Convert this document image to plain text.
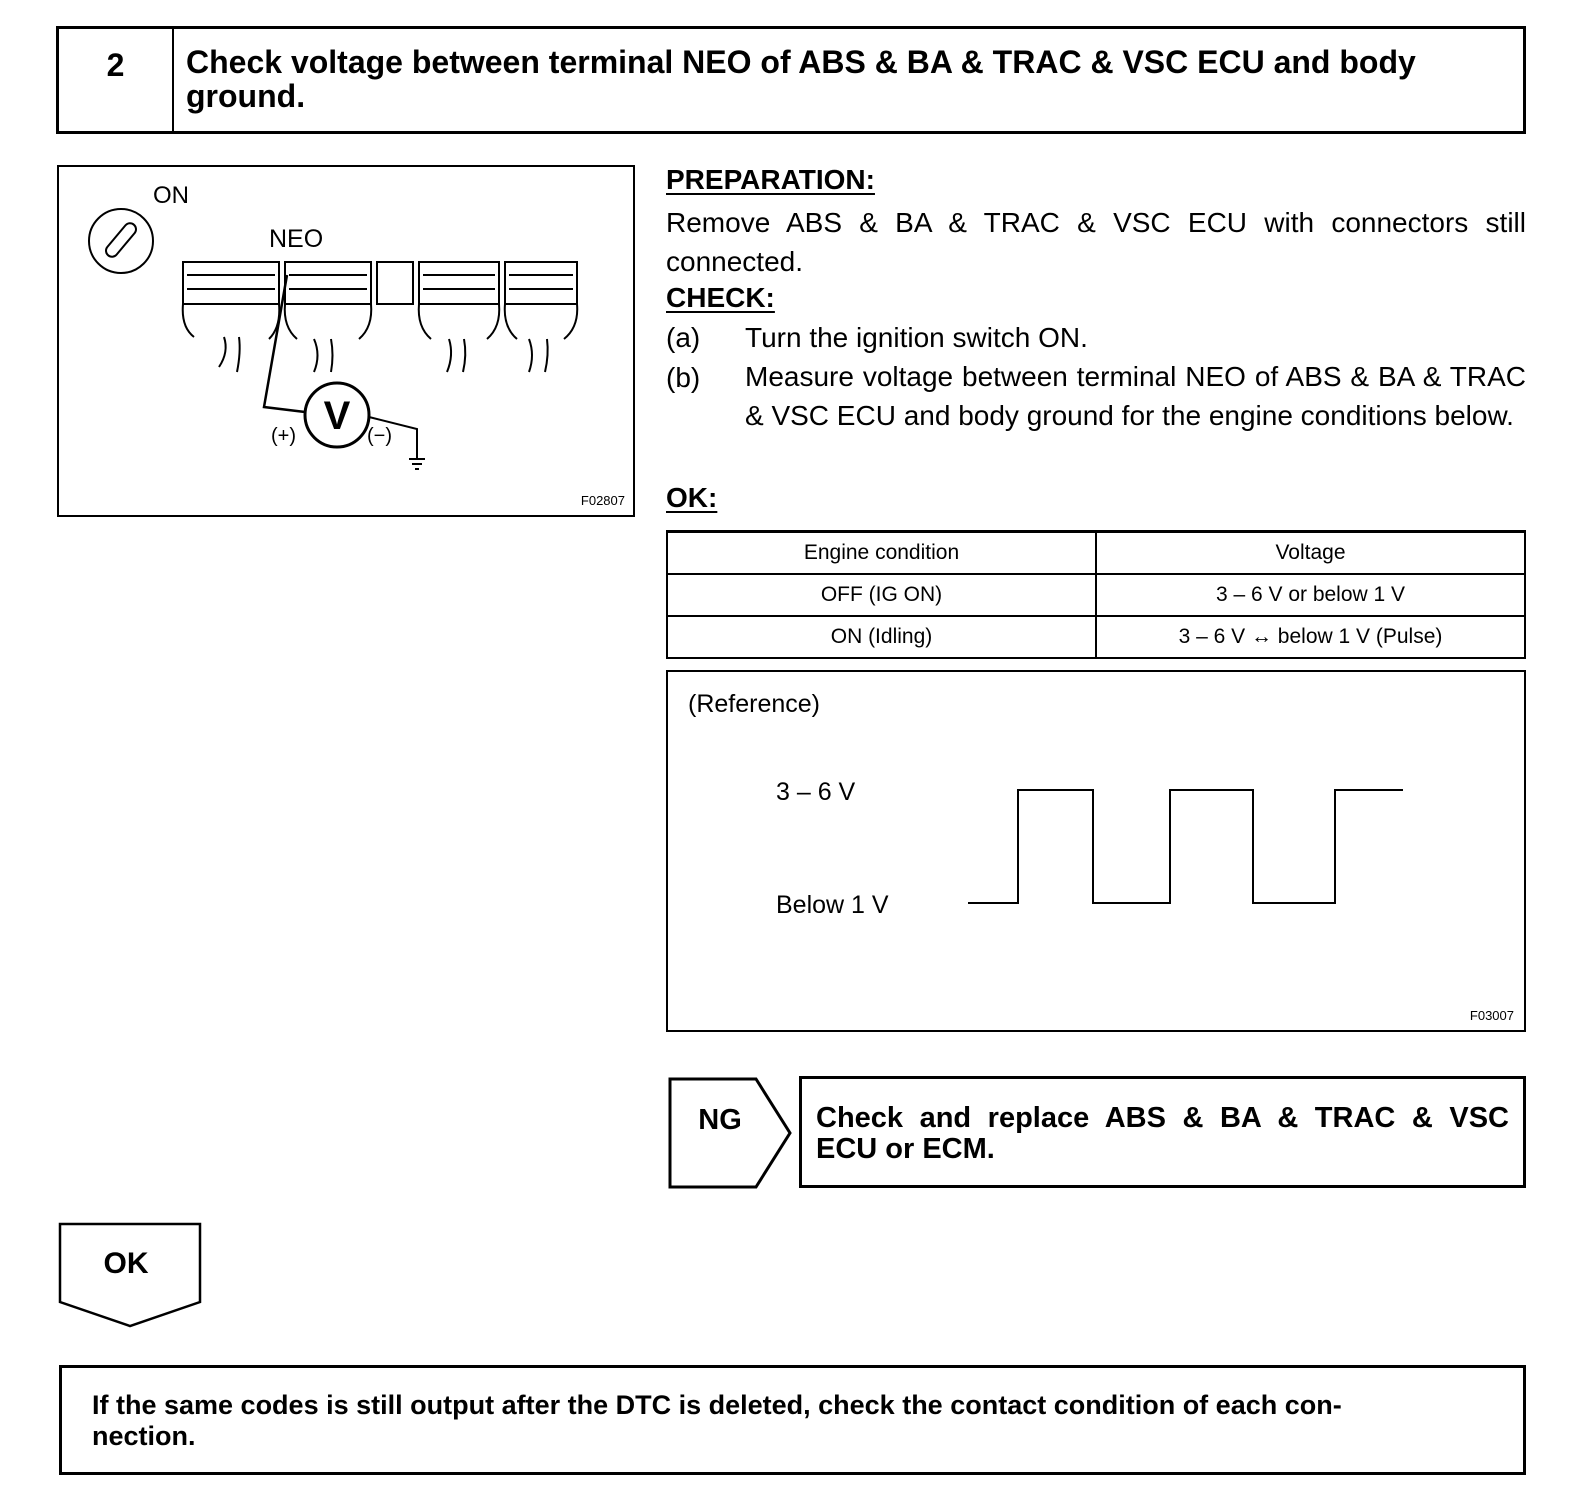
2	Check voltage between terminal NEO of ABS & BA & TRAC & VSC ECU and body ground.
V
ON
NEO
(+)	(−)
F02807
PREPARATION:
Remove ABS & BA & TRAC & VSC ECU with connectors still connected.
CHECK:
(a) Turn the ignition switch ON.
(b) Measure voltage between terminal NEO of ABS & BA & TRAC & VSC ECU and body ground for the engine conditions below.
OK:
Engine condition	Voltage
OFF (IG ON)	3 – 6 V or below 1 V
ON (Idling)	3 – 6 V ↔ below 1 V (Pulse)
(Reference)
3 – 6 V
Below 1 V
F03007
NG	Check and replace ABS & BA & TRAC & VSC
ECU or ECM.
OK
If the same codes is still output after the DTC is deleted, check the contact condition of each con-
nection.
